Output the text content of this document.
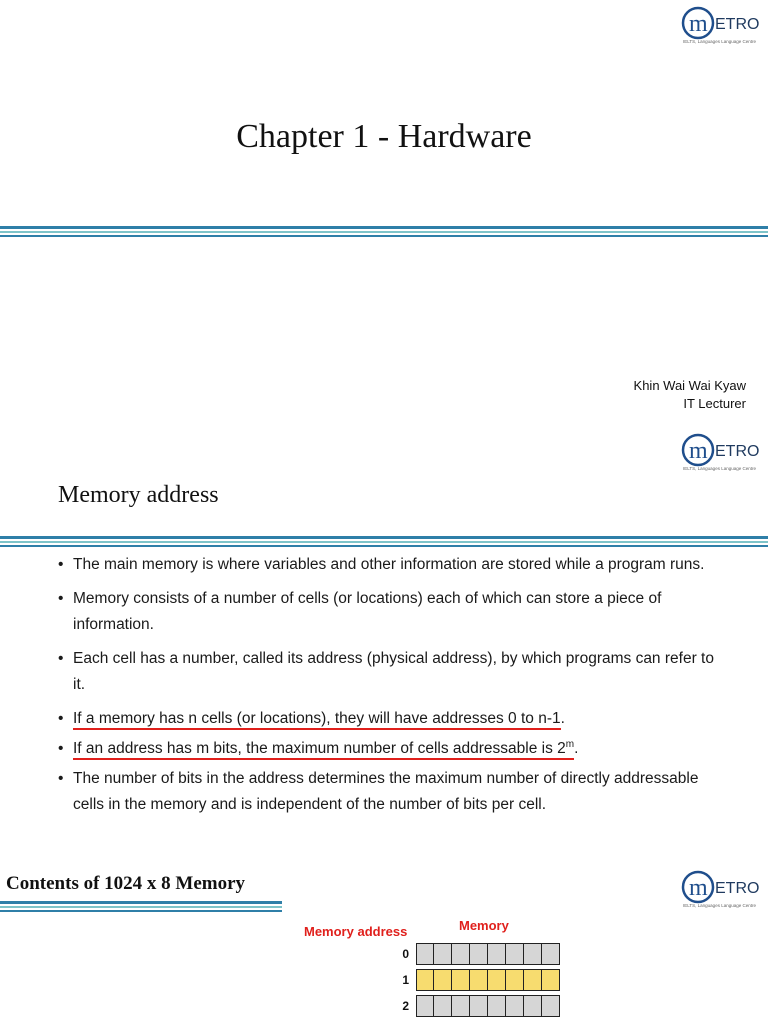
m ETRO
IELTS, Languages Language Centre
Chapter 1 - Hardware
Khin Wai Wai Kyaw
IT Lecturer
m ETRO
IELTS, Languages Language Centre
Memory address
• The main memory is where variables and other information are stored while a program runs.
• Memory consists of a number of cells (or locations) each of which can store a piece of information.
• Each cell has a number, called its address (physical address), by which programs can refer to it.
• If a memory has n cells (or locations), they will have addresses 0 to n-1.
• If an address has m bits, the maximum number of cells addressable is 2$^m$.
• The number of bits in the address determines the maximum number of directly addressable cells in the memory and is independent of the number of bits per cell.
Contents of 1024 x 8 Memory	m ETRO
IELTS, Languages Language Centre
Memory address	Memory
0
1
2
